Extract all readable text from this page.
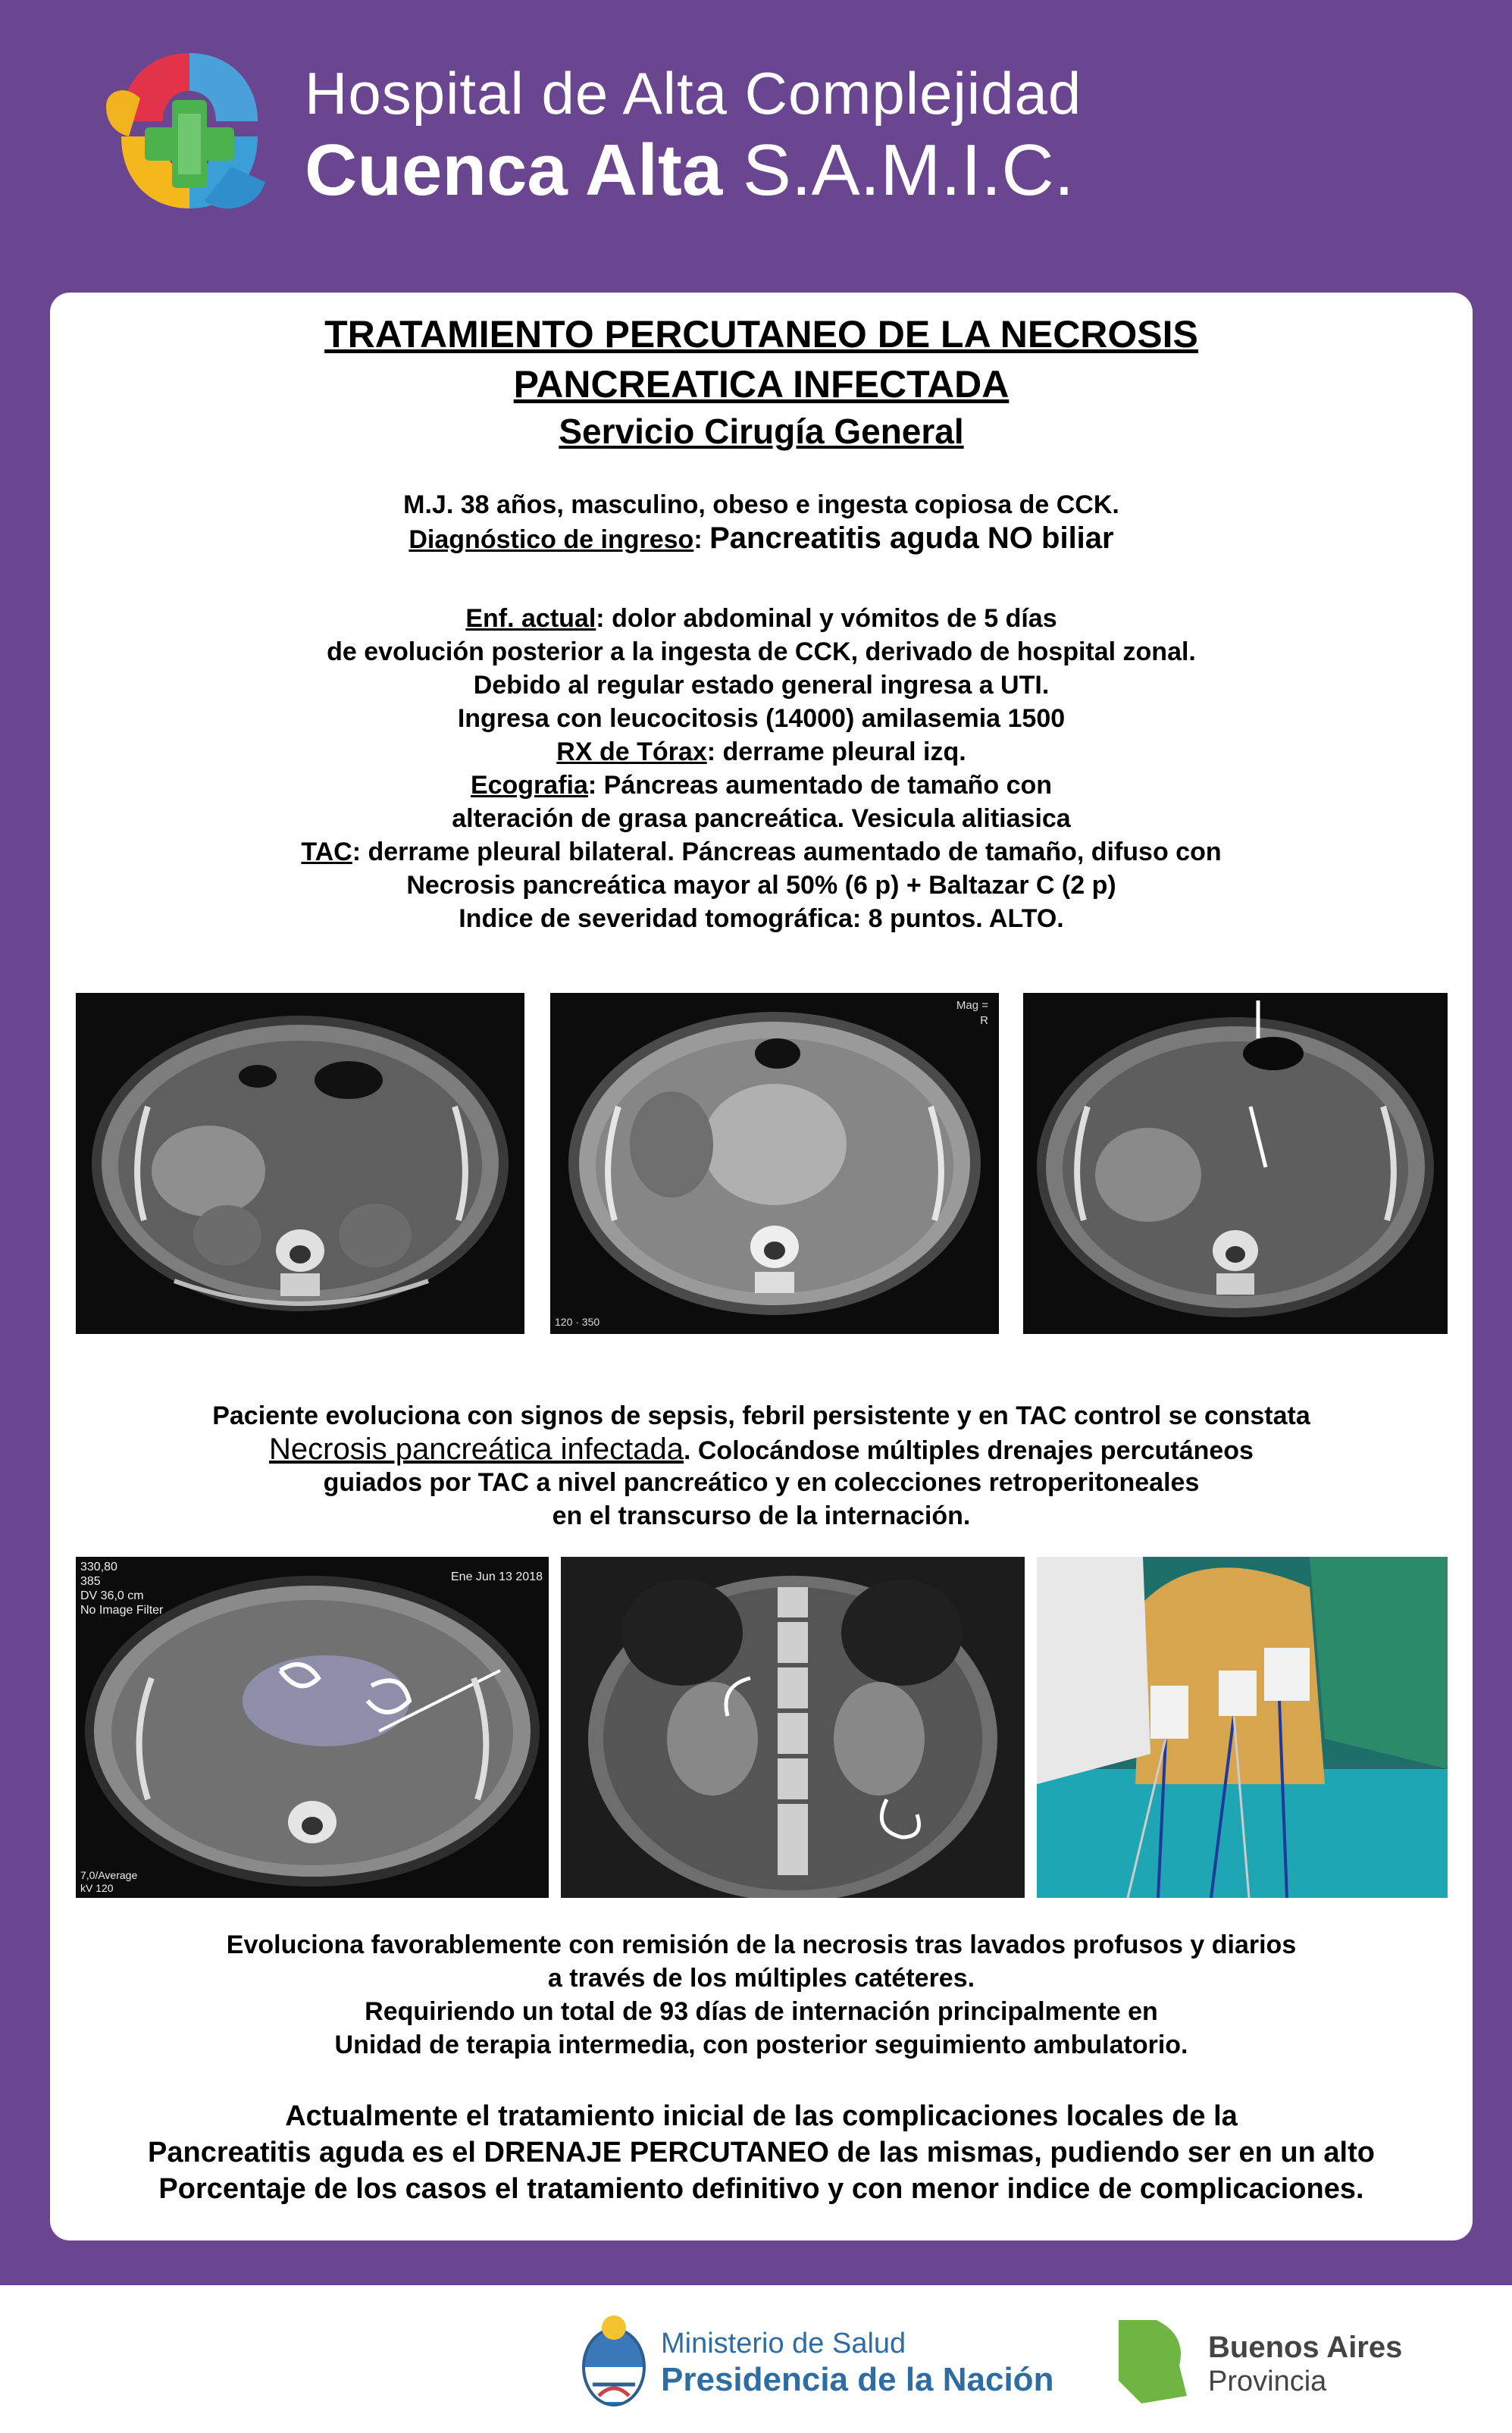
Hospital de Alta Complejidad
Cuenca Alta S.A.M.I.C.
TRATAMIENTO PERCUTANEO DE LA NECROSIS
PANCREATICA INFECTADA
Servicio Cirugía General
M.J. 38 años, masculino, obeso e ingesta copiosa de CCK.
Diagnóstico de ingreso: Pancreatitis aguda NO biliar
Enf. actual: dolor abdominal y vómitos de 5 días
de evolución posterior a la ingesta de CCK, derivado de hospital zonal.
Debido al regular estado general ingresa a UTI.
Ingresa con leucocitosis (14000) amilasemia 1500
RX de Tórax: derrame pleural izq.
Ecografia: Páncreas aumentado de tamaño con
alteración de grasa pancreática. Vesicula alitiasica
TAC: derrame pleural bilateral. Páncreas aumentado de tamaño, difuso con
Necrosis pancreática mayor al 50% (6 p) + Baltazar C (2 p)
Indice de severidad tomográfica: 8 puntos. ALTO.
Mag =
R
120 · 350
Paciente evoluciona con signos de sepsis, febril persistente y en TAC control se constata
Necrosis pancreática infectada. Colocándose múltiples drenajes percutáneos
guiados por TAC a nivel pancreático y en colecciones retroperitoneales
en el transcurso de la internación.
330,80
385
DV 36,0 cm
No Image Filter
Ene Jun 13 2018
7,0/Average
kV 120
Evoluciona favorablemente con remisión de la necrosis tras lavados profusos y diarios
a través de los múltiples catéteres.
Requiriendo un total de 93 días de internación principalmente en
Unidad de terapia intermedia, con posterior seguimiento ambulatorio.
Actualmente el tratamiento inicial de las complicaciones locales de la
Pancreatitis aguda es el DRENAJE PERCUTANEO de las mismas, pudiendo ser en un alto
Porcentaje de los casos el tratamiento definitivo y con menor indice de complicaciones.
Ministerio de Salud
Presidencia de la Nación
Buenos Aires
Provincia
